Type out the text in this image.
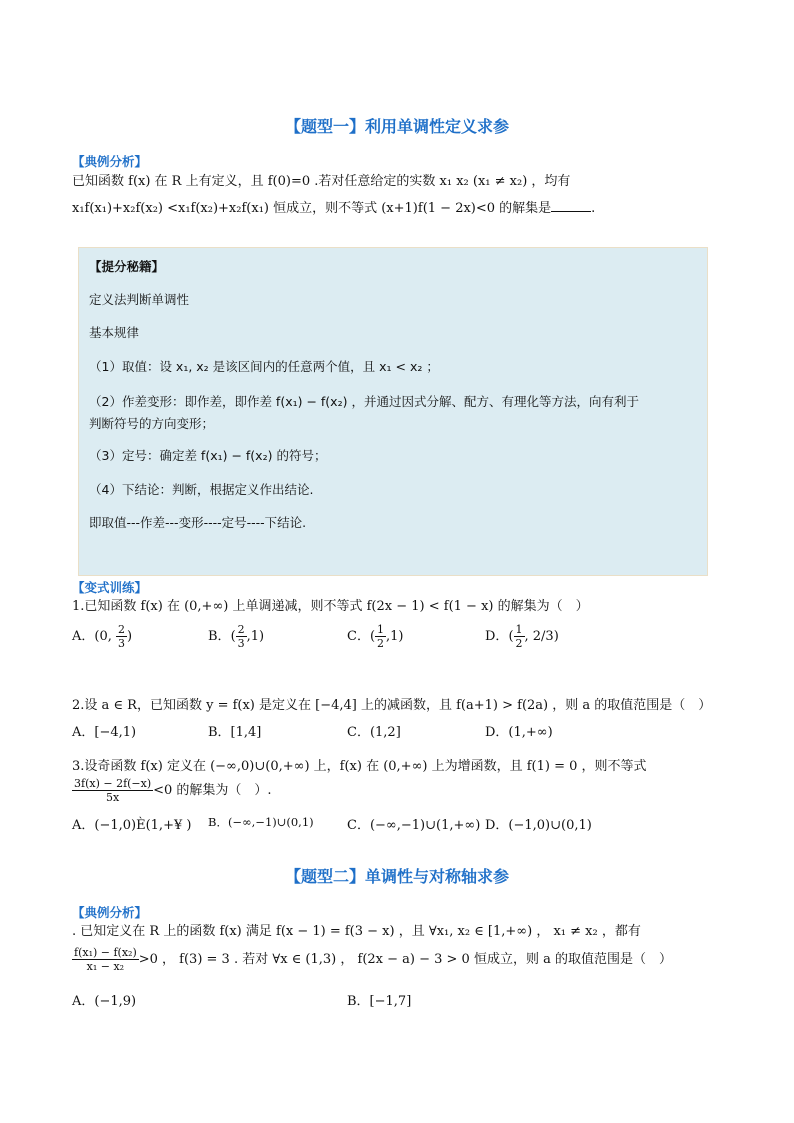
【题型一】利用单调性定义求参
【典例分析】
已知函数 f(x) 在 R 上有定义，且 f(0)=0 .若对任意给定的实数 x₁ x₂ (x₁ ≠ x₂) ，均有
x₁f(x₁)+x₂f(x₂) <x₁f(x₂)+x₂f(x₁) 恒成立，则不等式 (x+1)f(1 − 2x)<0 的解集是	.
【提分秘籍】
定义法判断单调性
基本规律
（1）取值：设 x₁, x₂ 是该区间内的任意两个值，且 x₁ < x₂ ；
（2）作差变形：即作差，即作差 f(x₁) − f(x₂) ，并通过因式分解、配方、有理化等方法，向有利于
判断符号的方向变形；
（3）定号：确定差 f(x₁) − f(x₂) 的符号；
（4）下结论：判断，根据定义作出结论.
即取值---作差---变形----定号----下结论.
【变式训练】
1.已知函数 f(x) 在 (0,+∞) 上单调递减，则不等式 f(2x − 1) < f(1 − x) 的解集为（　）
A．(0, $\frac{2}{3}$ )	B．( $\frac{2}{3} ,1$)	C．( $\frac{1}{2} ,1$)	D．( $\frac{1}{2}$ , 2/3)
2.设 a ∈ R，已知函数 y = f(x) 是定义在 [−4,4] 上的减函数，且 f(a+1) > f(2a) ，则 a 的取值范围是（　）
A．[−4,1)	B．[1,4]	C．(1,2]	D．(1,+∞)
3.设奇函数 f(x) 定义在 (−∞,0)∪(0,+∞) 上，f(x) 在 (0,+∞) 上为增函数，且 f(1) = 0 ，则不等式
$\frac{3f(x) - 2f(-x)}{5x} <0$ 的解集为（　）.
A．(−1,0)È(1,+¥ ) B．(−∞,−1)∪(0,1)	C．(−∞,−1)∪(1,+∞) D．(−1,0)∪(0,1)
【题型二】单调性与对称轴求参
【典例分析】
. 已知定义在 R 上的函数 f(x) 满足 f(x − 1) = f(3 − x) ，且 ∀x₁, x₂ ∈ [1,+∞) ， x₁ ≠ x₂ ，都有
$\frac{\text{f(x₁) − f(x₂)}}{\text{x₁ − x₂}} >0$ ， f(3) = 3 . 若对 ∀x ∈ (1,3) ， f(2x − a) − 3 > 0 恒成立，则 a 的取值范围是（　）
A．(−1,9)	B．[−1,7]
